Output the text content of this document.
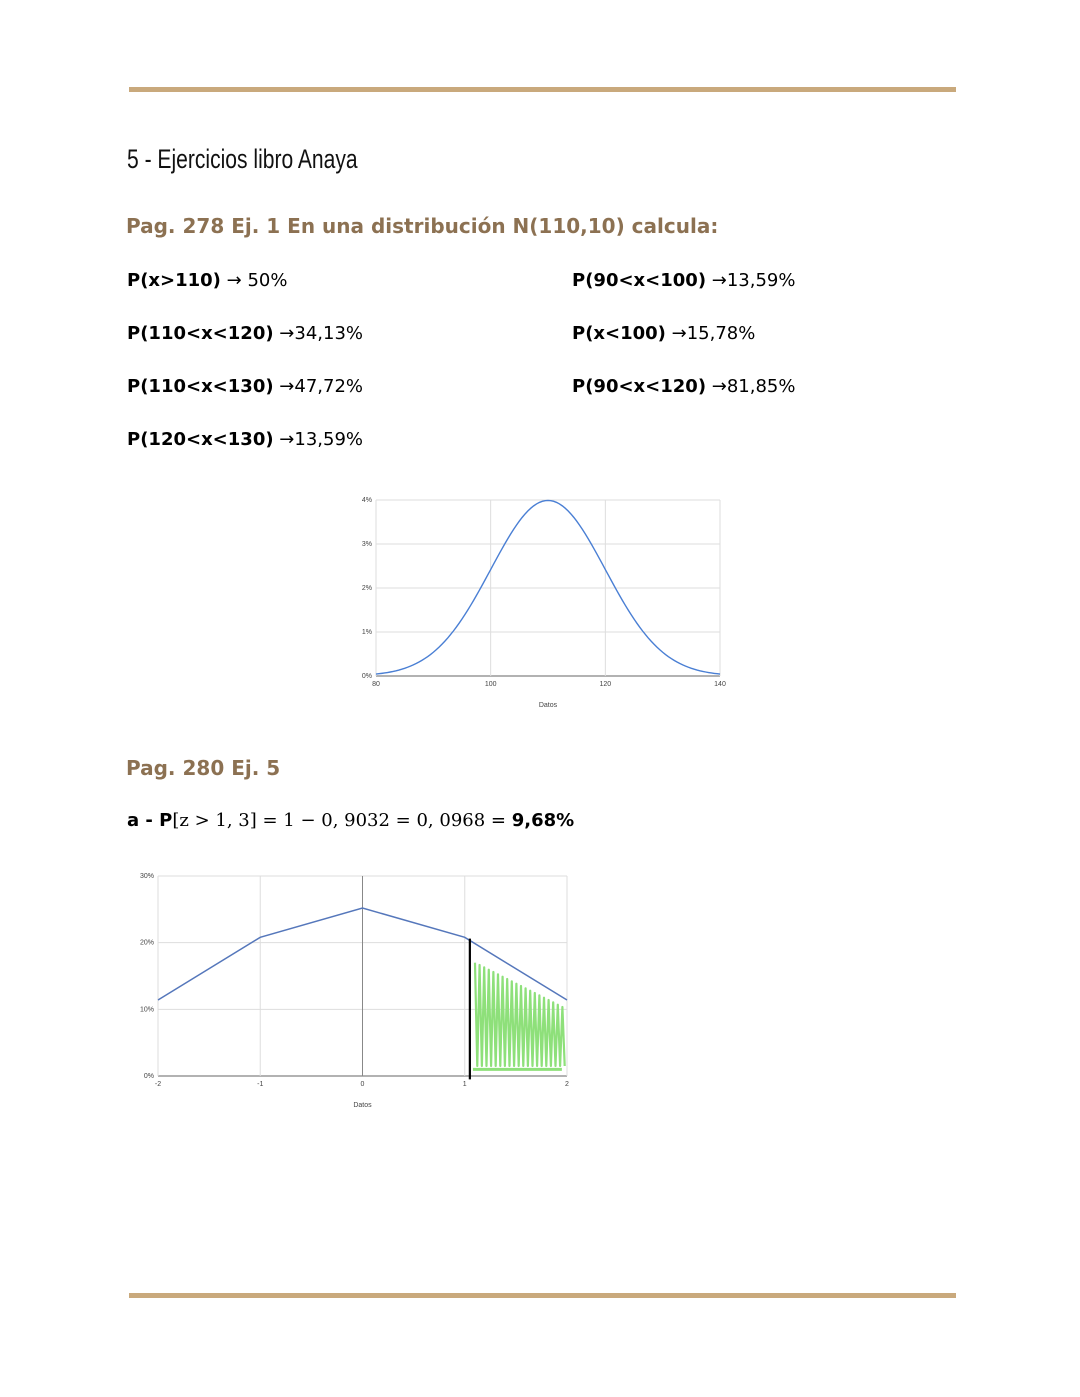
5 - Ejercicios libro Anaya
Pag. 278 Ej. 1 En una distribución N(110,10) calcula:
P(x>110) → 50%	P(90<x<100) →13,59%
P(110<x<120) →34,13%	P(x<100) →15,78%
P(110<x<130) →47,72%	P(90<x<120) →81,85%
P(120<x<130) →13,59%
Pag. 280 Ej. 5
a - P[z > 1, 3] = 1 − 0, 9032 = 0, 0968 = 9,68%
0%
1%
2%
3%
4%
80	100	120	140
Datos
0%
10%
20%
30%
-2	-1	0	1	2
Datos
